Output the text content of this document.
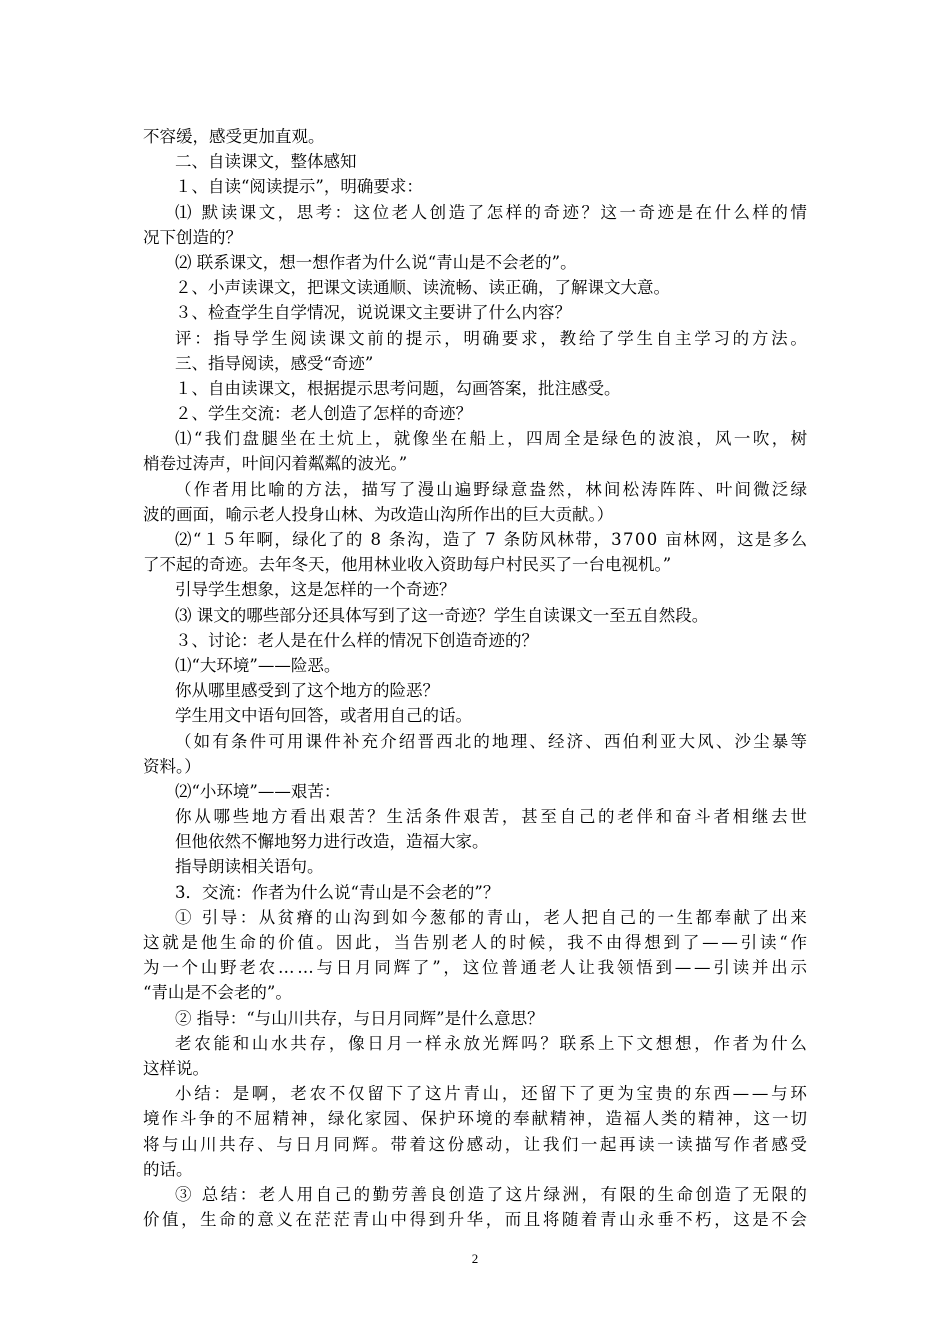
不容缓，感受更加直观。
二、自读课文，整体感知
１、自读“阅读提示”，明确要求：
⑴ 默读课文，思考：这位老人创造了怎样的奇迹？这一奇迹是在什么样的情
况下创造的？
⑵ 联系课文，想一想作者为什么说“青山是不会老的”。
２、小声读课文，把课文读通顺、读流畅、读正确，了解课文大意。
３、检查学生自学情况，说说课文主要讲了什么内容？
评：指导学生阅读课文前的提示，明确要求，教给了学生自主学习的方法。
三、指导阅读，感受“奇迹”
１、自由读课文，根据提示思考问题，勾画答案，批注感受。
２、学生交流：老人创造了怎样的奇迹？
⑴“我们盘腿坐在土炕上，就像坐在船上，四周全是绿色的波浪，风一吹，树
梢卷过涛声，叶间闪着粼粼的波光。”
（作者用比喻的方法，描写了漫山遍野绿意盎然，林间松涛阵阵、叶间微泛绿
波的画面，喻示老人投身山林、为改造山沟所作出的巨大贡献。）
⑵“１５年啊，绿化了的 8 条沟，造了 7 条防风林带，3700 亩林网，这是多么
了不起的奇迹。去年冬天，他用林业收入资助每户村民买了一台电视机。”
引导学生想象，这是怎样的一个奇迹？
⑶ 课文的哪些部分还具体写到了这一奇迹？学生自读课文一至五自然段。
３、讨论：老人是在什么样的情况下创造奇迹的？
⑴“大环境”——险恶。
你从哪里感受到了这个地方的险恶？
学生用文中语句回答，或者用自己的话。
（如有条件可用课件补充介绍晋西北的地理、经济、西伯利亚大风、沙尘暴等
资料。）
⑵“小环境”——艰苦：
你从哪些地方看出艰苦？生活条件艰苦，甚至自己的老伴和奋斗者相继去世
但他依然不懈地努力进行改造，造福大家。
指导朗读相关语句。
3．交流：作者为什么说“青山是不会老的”？
① 引导：从贫瘠的山沟到如今葱郁的青山，老人把自己的一生都奉献了出来
这就是他生命的价值。因此，当告别老人的时候，我不由得想到了——引读“作
为一个山野老农……与日月同辉了”，这位普通老人让我领悟到——引读并出示
“青山是不会老的”。
② 指导：“与山川共存，与日月同辉”是什么意思？
老农能和山水共存，像日月一样永放光辉吗？联系上下文想想，作者为什么
这样说。
小结：是啊，老农不仅留下了这片青山，还留下了更为宝贵的东西——与环
境作斗争的不屈精神，绿化家园、保护环境的奉献精神，造福人类的精神，这一切
将与山川共存、与日月同辉。带着这份感动，让我们一起再读一读描写作者感受
的话。
③ 总结：老人用自己的勤劳善良创造了这片绿洲，有限的生命创造了无限的
价值，生命的意义在茫茫青山中得到升华，而且将随着青山永垂不朽，这是不会
2
